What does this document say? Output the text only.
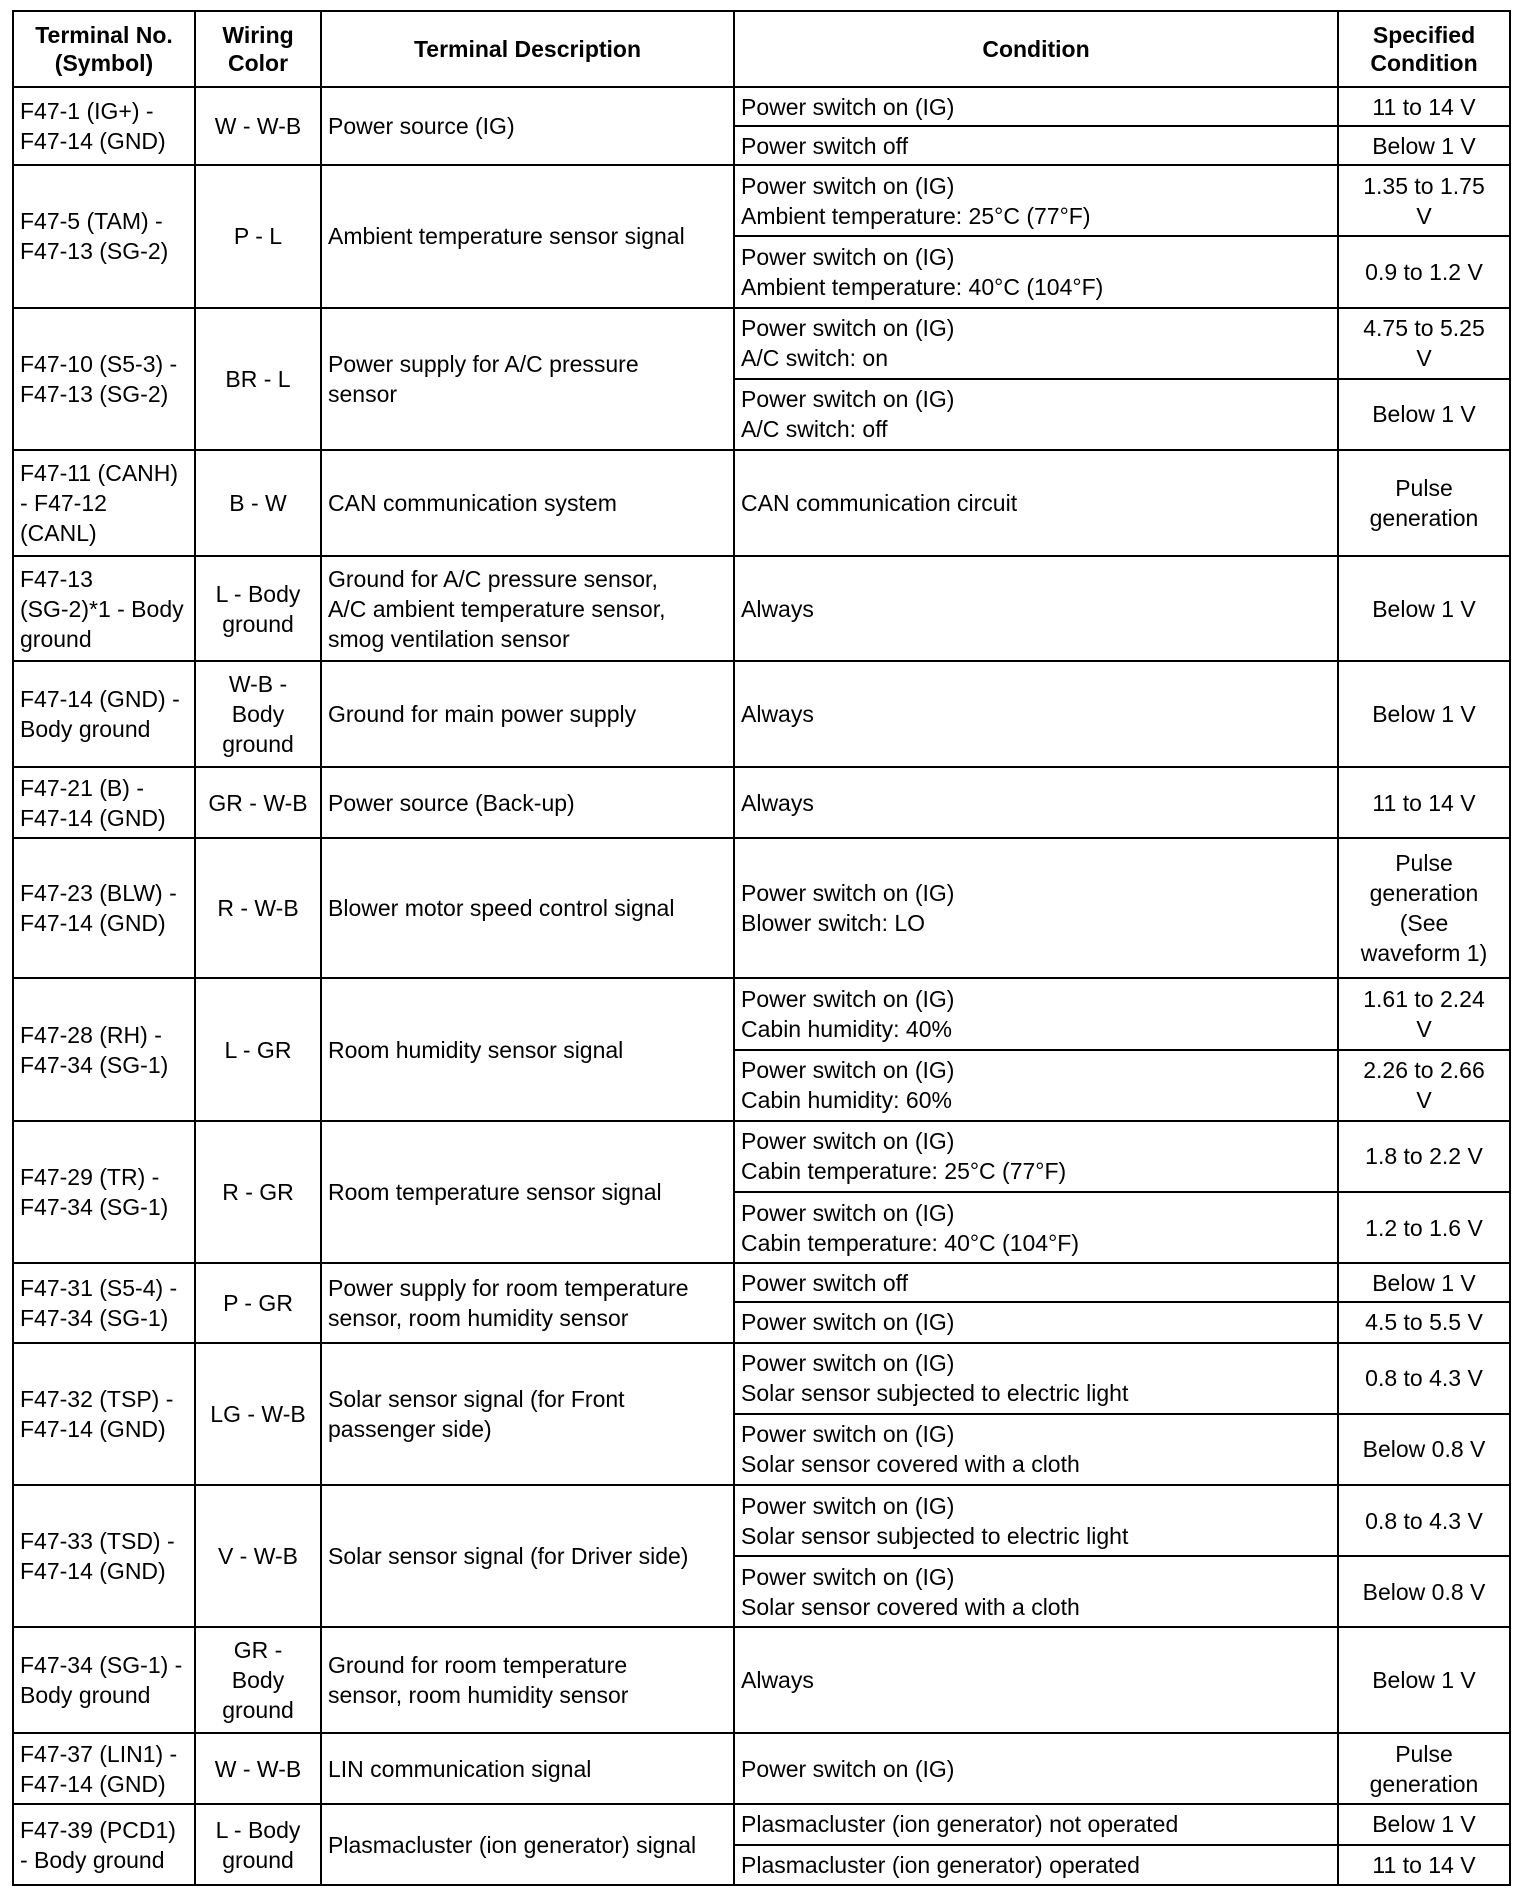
Terminal No.
(Symbol)	Wiring
Color	Terminal Description	Condition	Specified
Condition

F47-1 (IG+) -
F47-14 (GND)	W - W-B	Power source (IG)	Power switch on (IG)	11 to 14 V

			Power switch off	Below 1 V

F47-5 (TAM) -
F47-13 (SG-2)	P - L	Ambient temperature sensor signal	Power switch on (IG)
Ambient temperature: 25°C (77°F)	1.35 to 1.75
V

			Power switch on (IG)
Ambient temperature: 40°C (104°F)	0.9 to 1.2 V

F47-10 (S5-3) -
F47-13 (SG-2)	BR - L	Power supply for A/C pressure
sensor	Power switch on (IG)
A/C switch: on	4.75 to 5.25
V

			Power switch on (IG)
A/C switch: off	Below 1 V

F47-11 (CANH)
- F47-12
(CANL)	B - W	CAN communication system	CAN communication circuit	Pulse
generation

F47-13
(SG-2)*1 - Body
ground	L - Body
ground	Ground for A/C pressure sensor,
A/C ambient temperature sensor,
smog ventilation sensor	Always	Below 1 V

F47-14 (GND) -
Body ground	W-B -
Body
ground	Ground for main power supply	Always	Below 1 V

F47-21 (B) -
F47-14 (GND)	GR - W-B	Power source (Back-up)	Always	11 to 14 V

F47-23 (BLW) -
F47-14 (GND)	R - W-B	Blower motor speed control signal	Power switch on (IG)
Blower switch: LO	Pulse
generation
(See
waveform 1)

F47-28 (RH) -
F47-34 (SG-1)	L - GR	Room humidity sensor signal	Power switch on (IG)
Cabin humidity: 40%	1.61 to 2.24
V

			Power switch on (IG)
Cabin humidity: 60%	2.26 to 2.66
V

F47-29 (TR) -
F47-34 (SG-1)	R - GR	Room temperature sensor signal	Power switch on (IG)
Cabin temperature: 25°C (77°F)	1.8 to 2.2 V

			Power switch on (IG)
Cabin temperature: 40°C (104°F)	1.2 to 1.6 V

F47-31 (S5-4) -
F47-34 (SG-1)	P - GR	Power supply for room temperature
sensor, room humidity sensor	Power switch off	Below 1 V

			Power switch on (IG)	4.5 to 5.5 V

F47-32 (TSP) -
F47-14 (GND)	LG - W-B	Solar sensor signal (for Front
passenger side)	Power switch on (IG)
Solar sensor subjected to electric light	0.8 to 4.3 V

			Power switch on (IG)
Solar sensor covered with a cloth	Below 0.8 V

F47-33 (TSD) -
F47-14 (GND)	V - W-B	Solar sensor signal (for Driver side)	Power switch on (IG)
Solar sensor subjected to electric light	0.8 to 4.3 V

			Power switch on (IG)
Solar sensor covered with a cloth	Below 0.8 V

F47-34 (SG-1) -
Body ground	GR -
Body
ground	Ground for room temperature
sensor, room humidity sensor	Always	Below 1 V

F47-37 (LIN1) -
F47-14 (GND)	W - W-B	LIN communication signal	Power switch on (IG)	Pulse
generation

F47-39 (PCD1)
- Body ground	L - Body
ground	Plasmacluster (ion generator) signal	Plasmacluster (ion generator) not operated	Below 1 V

			Plasmacluster (ion generator) operated	11 to 14 V
